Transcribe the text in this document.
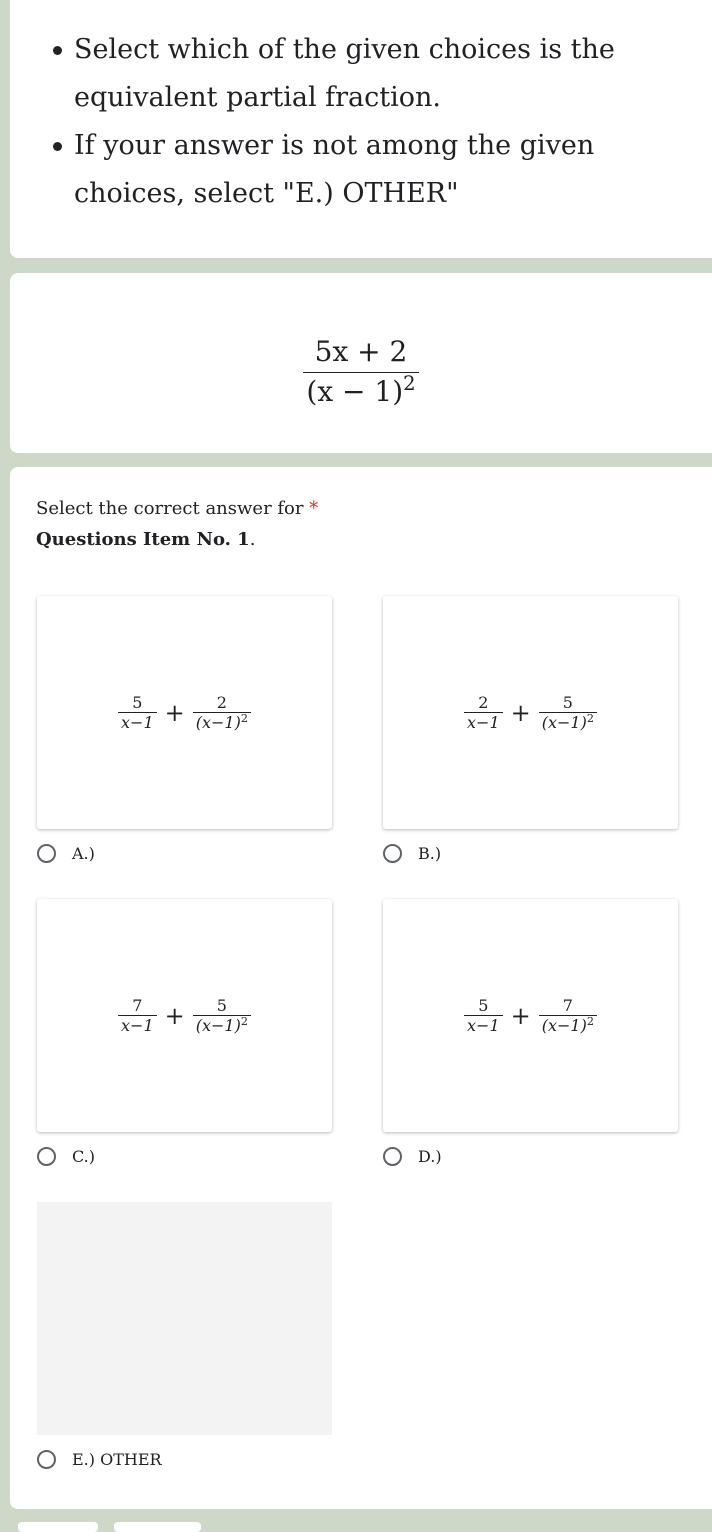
Select which of the given choices is the equivalent partial fraction.
If your answer is not among the given choices, select "E.) OTHER"
$\frac{5x + 2}{(x - 1)^2}$
Select the correct answer for *
Questions Item No. 1.
$\frac{5}{x-1} + \frac{2}{(x-1)^2}$
A.)
$\frac{2}{x-1} + \frac{5}{(x-1)^2}$
B.)
$\frac{7}{x-1} + \frac{5}{(x-1)^2}$
C.)
$\frac{5}{x-1} + \frac{7}{(x-1)^2}$
D.)
E.) OTHER
